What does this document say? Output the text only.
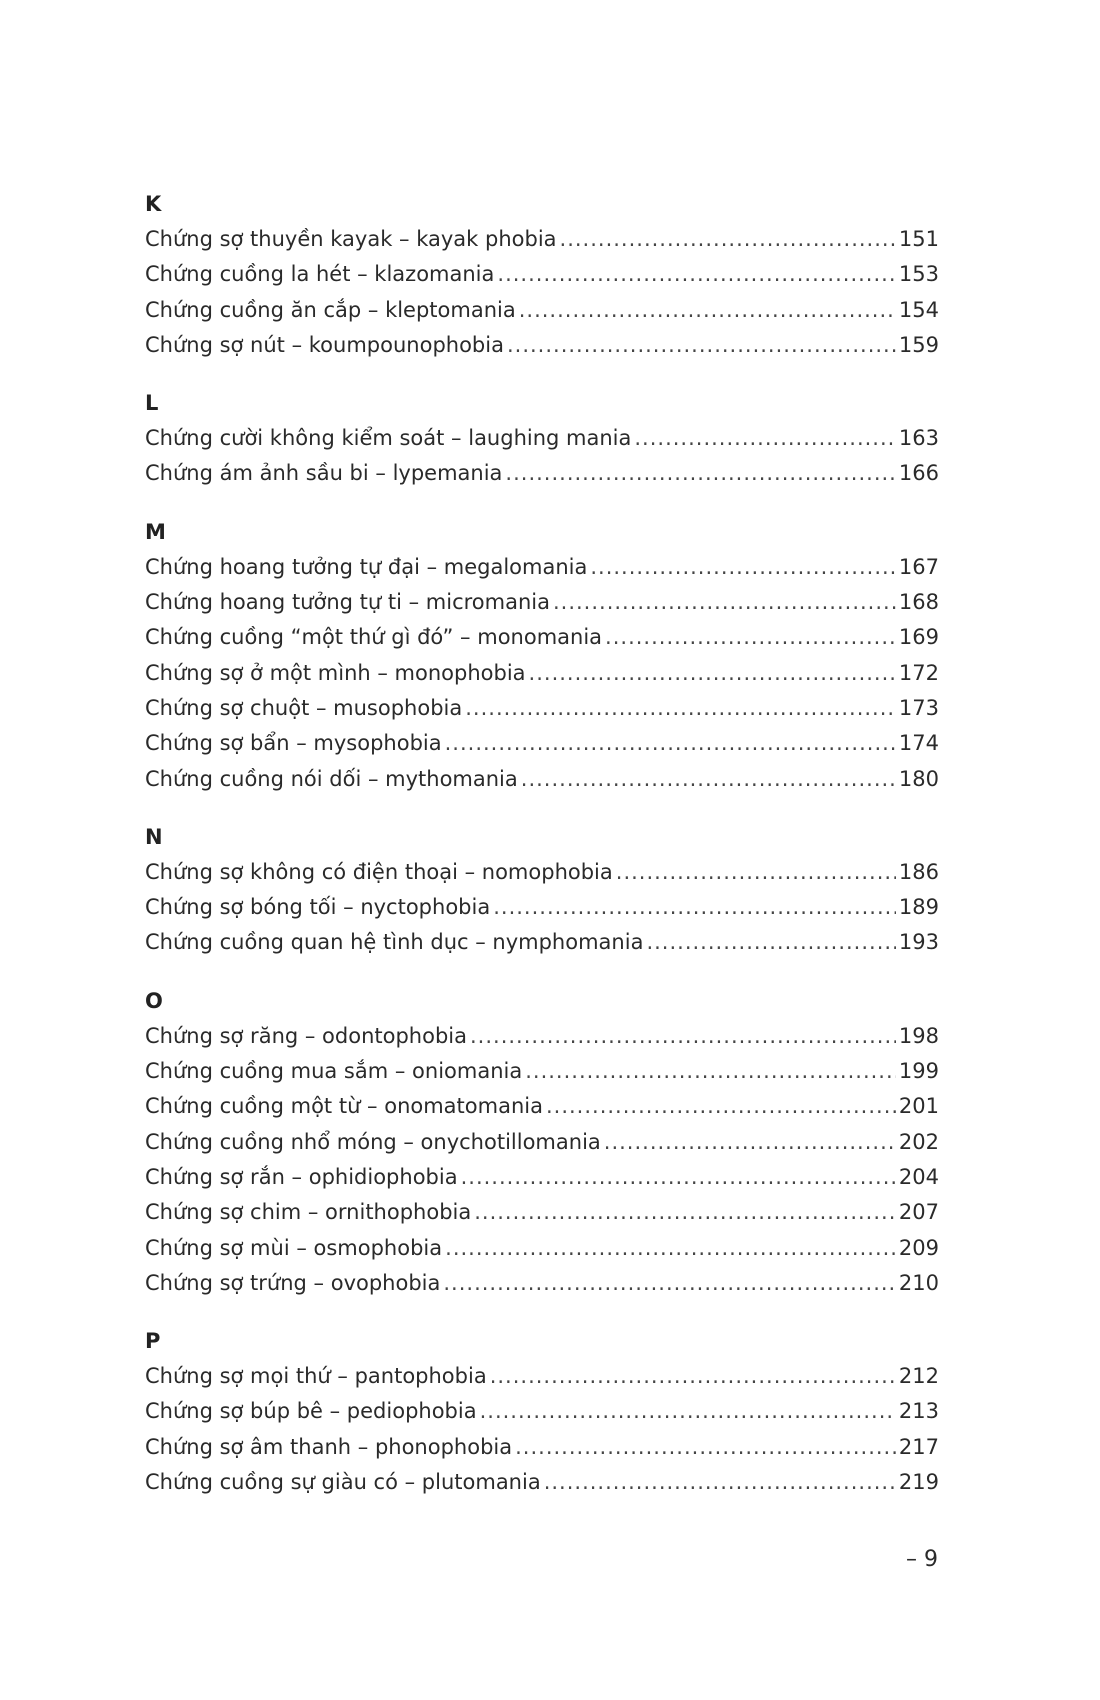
K
Chứng sợ thuyền kayak – kayak phobia .....	151
Chứng cuồng la hét – klazomania .....	153
Chứng cuồng ăn cắp – kleptomania .....	154
Chứng sợ nút – koumpounophobia .....	159
L
Chứng cười không kiểm soát – laughing mania .....	163
Chứng ám ảnh sầu bi – lypemania .....	166
M
Chứng hoang tưởng tự đại – megalomania .....	167
Chứng hoang tưởng tự ti – micromania .....	168
Chứng cuồng “một thứ gì đó” – monomania .....	169
Chứng sợ ở một mình – monophobia .....	172
Chứng sợ chuột – musophobia .....	173
Chứng sợ bẩn – mysophobia .....	174
Chứng cuồng nói dối – mythomania .....	180
N
Chứng sợ không có điện thoại – nomophobia .....	186
Chứng sợ bóng tối – nyctophobia .....	189
Chứng cuồng quan hệ tình dục – nymphomania .....	193
O
Chứng sợ răng – odontophobia .....	198
Chứng cuồng mua sắm – oniomania .....	199
Chứng cuồng một từ – onomatomania .....	201
Chứng cuồng nhổ móng – onychotillomania .....	202
Chứng sợ rắn – ophidiophobia .....	204
Chứng sợ chim – ornithophobia .....	207
Chứng sợ mùi – osmophobia .....	209
Chứng sợ trứng – ovophobia .....	210
P
Chứng sợ mọi thứ – pantophobia .....	212
Chứng sợ búp bê – pediophobia .....	213
Chứng sợ âm thanh – phonophobia .....	217
Chứng cuồng sự giàu có – plutomania .....	219
– 9
